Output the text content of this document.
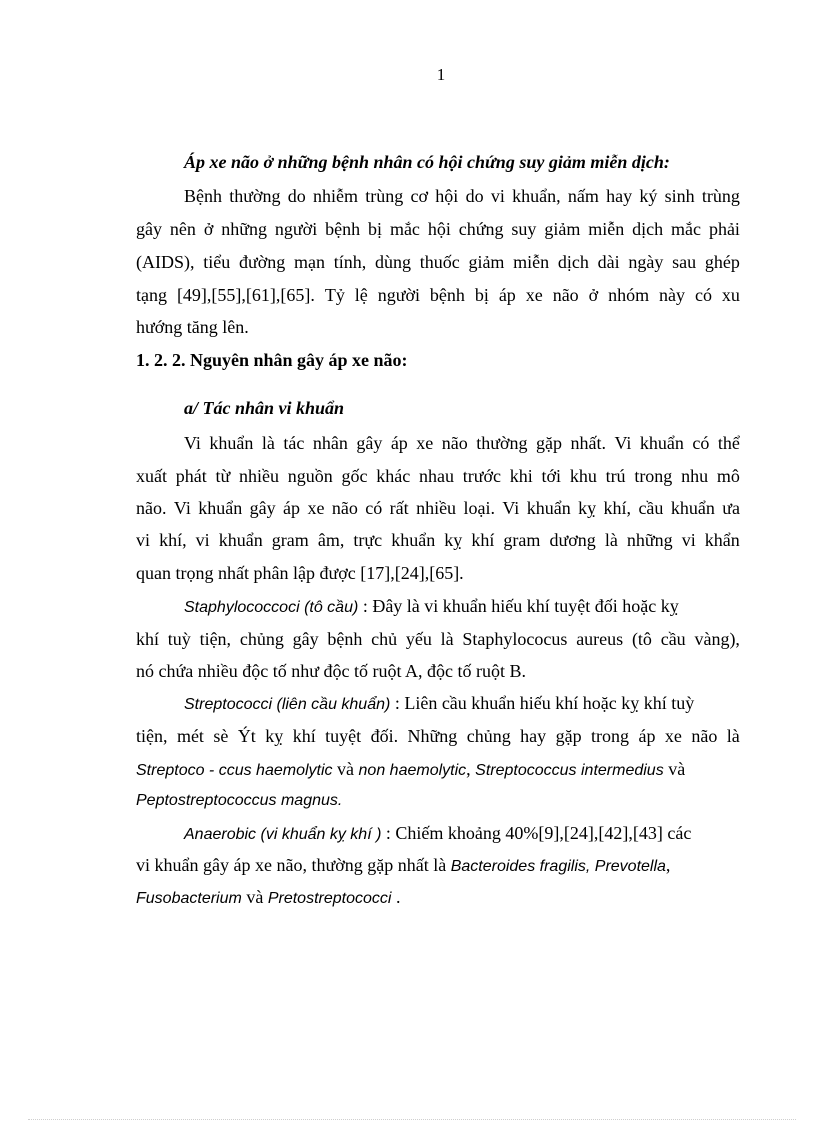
1
Áp xe não ở những bệnh nhân có hội chứng suy giảm miễn dịch:
Bệnh thường do nhiễm trùng cơ hội do vi khuẩn, nấm hay ký sinh trùng
gây nên ở những người bệnh bị mắc hội chứng suy giảm miễn dịch mắc phải
(AIDS), tiểu đường mạn tính, dùng thuốc giảm miễn dịch dài ngày sau ghép
tạng [49],[55],[61],[65]. Tỷ lệ người bệnh bị áp xe não ở nhóm này có xu
hướng tăng lên.
1. 2. 2. Nguyên nhân gây áp xe não:
a/ Tác nhân vi khuẩn
Vi khuẩn là tác nhân gây áp xe não thường gặp nhất. Vi khuẩn có thể
xuất phát từ nhiều nguồn gốc khác nhau trước khi tới khu trú trong nhu mô
não. Vi khuẩn gây áp xe não có rất nhiều loại. Vi khuẩn kỵ khí, cầu khuẩn ưa
vi khí, vi khuẩn gram âm, trực khuẩn kỵ khí gram dương là những vi khẩn
quan trọng nhất phân lập được [17],[24],[65].
Staphylococcoci (tô cầu) : Đây là vi khuẩn hiếu khí tuyệt đối hoặc kỵ
khí tuỳ tiện, chủng gây bệnh chủ yếu là Staphylococus aureus (tô cầu vàng),
nó chứa nhiều độc tố như độc tố ruột A, độc tố ruột B.
Streptococci (liên cầu khuẩn) : Liên cầu khuẩn hiếu khí hoặc kỵ khí tuỳ
tiện, mét sè Ýt kỵ khí tuyệt đối. Những chủng hay gặp trong áp xe não là
Streptoco - ccus haemolytic và non haemolytic, Streptococcus intermedius và
Peptostreptococcus magnus.
Anaerobic (vi khuẩn kỵ khí ) : Chiếm khoảng 40%[9],[24],[42],[43] các
vi khuẩn gây áp xe não, thường gặp nhất là Bacteroides fragilis, Prevotella,
Fusobacterium và Pretostreptococci .
